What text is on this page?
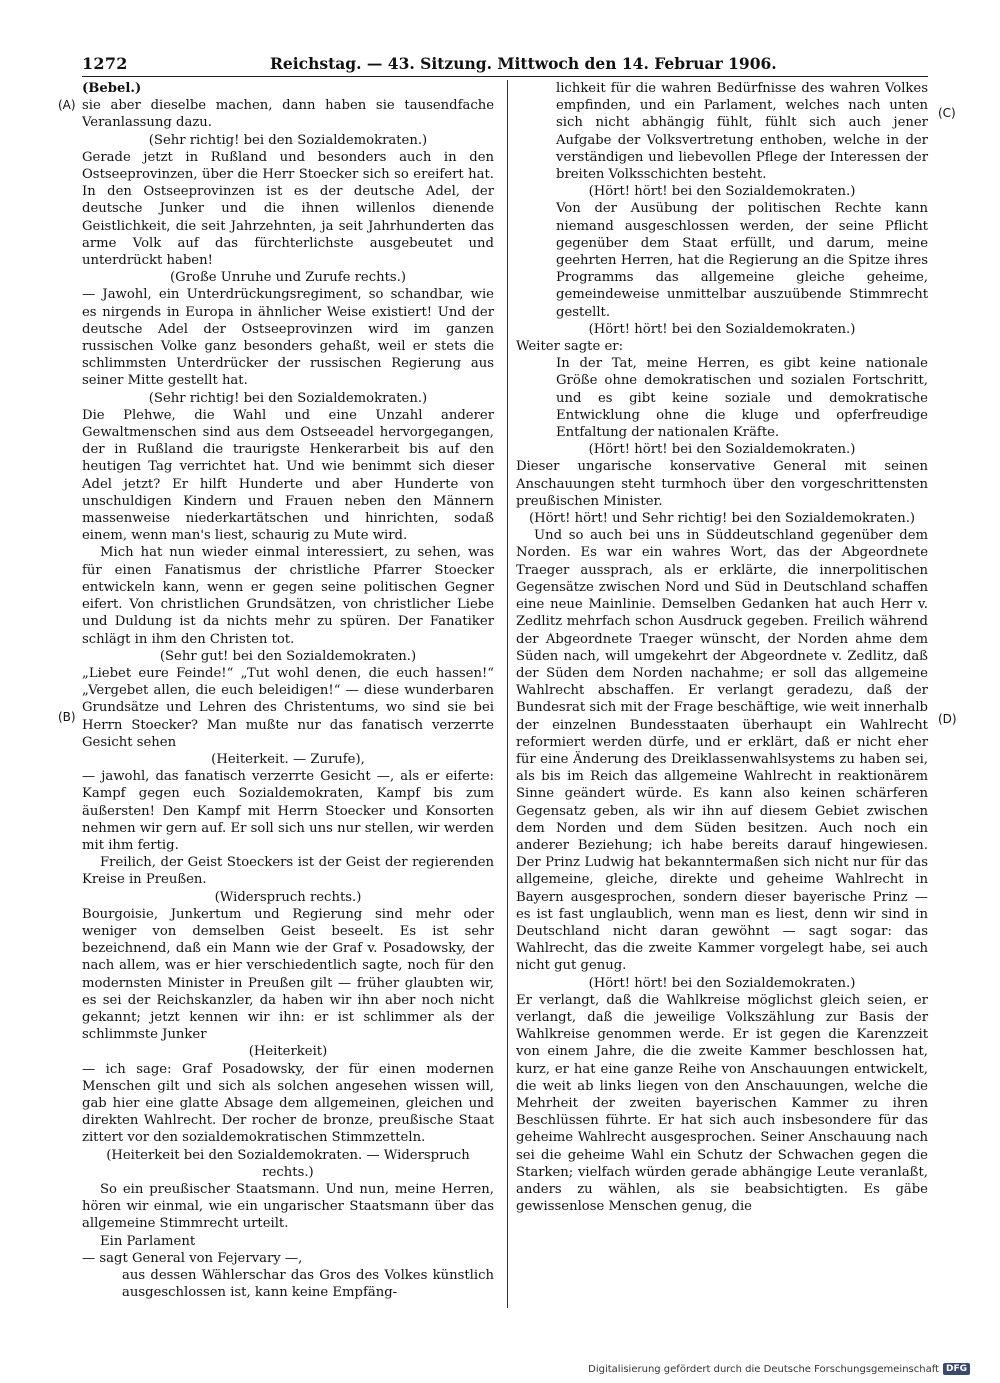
1272	Reichstag. — 43. Sitzung. Mittwoch den 14. Februar 1906.
(A)
(B)
(C)
(D)

(Bebel.)

sie aber dieselbe machen, dann haben sie tausendfache Veranlassung dazu.

(Sehr richtig! bei den Sozialdemokraten.)

Gerade jetzt in Rußland und besonders auch in den Ostseeprovinzen, über die Herr Stoecker sich so ereifert hat. In den Ostseeprovinzen ist es der deutsche Adel, der deutsche Junker und die ihnen willenlos dienende Geistlichkeit, die seit Jahrzehnten, ja seit Jahrhunderten das arme Volk auf das fürchterlichste ausgebeutet und unterdrückt haben!

(Große Unruhe und Zurufe rechts.)

— Jawohl, ein Unterdrückungsregiment, so schandbar, wie es nirgends in Europa in ähnlicher Weise existiert! Und der deutsche Adel der Ostseeprovinzen wird im ganzen russischen Volke ganz besonders gehaßt, weil er stets die schlimmsten Unterdrücker der russischen Regierung aus seiner Mitte gestellt hat.

(Sehr richtig! bei den Sozialdemokraten.)

Die Plehwe, die Wahl und eine Unzahl anderer Gewaltmenschen sind aus dem Ostseeadel hervorgegangen, der in Rußland die traurigste Henkerarbeit bis auf den heutigen Tag verrichtet hat. Und wie benimmt sich dieser Adel jetzt? Er hilft Hunderte und aber Hunderte von unschuldigen Kindern und Frauen neben den Männern massenweise niederkartätschen und hinrichten, sodaß einem, wenn man's liest, schaurig zu Mute wird.

Mich hat nun wieder einmal interessiert, zu sehen, was für einen Fanatismus der christliche Pfarrer Stoecker entwickeln kann, wenn er gegen seine politischen Gegner eifert. Von christlichen Grundsätzen, von christlicher Liebe und Duldung ist da nichts mehr zu spüren. Der Fanatiker schlägt in ihm den Christen tot.

(Sehr gut! bei den Sozialdemokraten.)

„Liebet eure Feinde!“ „Tut wohl denen, die euch hassen!“ „Vergebet allen, die euch beleidigen!“ — diese wunderbaren Grundsätze und Lehren des Christentums, wo sind sie bei Herrn Stoecker? Man mußte nur das fanatisch verzerrte Gesicht sehen

(Heiterkeit. — Zurufe),

— jawohl, das fanatisch verzerrte Gesicht —, als er eiferte: Kampf gegen euch Sozialdemokraten, Kampf bis zum äußersten! Den Kampf mit Herrn Stoecker und Konsorten nehmen wir gern auf. Er soll sich uns nur stellen, wir werden mit ihm fertig.

Freilich, der Geist Stoeckers ist der Geist der regierenden Kreise in Preußen.

(Widerspruch rechts.)

Bourgoisie, Junkertum und Regierung sind mehr oder weniger von demselben Geist beseelt. Es ist sehr bezeichnend, daß ein Mann wie der Graf v. Posadowsky, der nach allem, was er hier verschiedentlich sagte, noch für den modernsten Minister in Preußen gilt — früher glaubten wir, es sei der Reichskanzler, da haben wir ihn aber noch nicht gekannt; jetzt kennen wir ihn: er ist schlimmer als der schlimmste Junker

(Heiterkeit)

— ich sage: Graf Posadowsky, der für einen modernen Menschen gilt und sich als solchen angesehen wissen will, gab hier eine glatte Absage dem allgemeinen, gleichen und direkten Wahlrecht. Der rocher de bronze, preußische Staat zittert vor den sozialdemokratischen Stimmzetteln.

(Heiterkeit bei den Sozialdemokraten. — Widerspruch rechts.)

So ein preußischer Staatsmann. Und nun, meine Herren, hören wir einmal, wie ein ungarischer Staatsmann über das allgemeine Stimmrecht urteilt.

Ein Parlament

— sagt General von Fejervary —,

aus dessen Wählerschar das Gros des Volkes künstlich ausgeschlossen ist, kann keine Empfäng-

lichkeit für die wahren Bedürfnisse des wahren Volkes empfinden, und ein Parlament, welches nach unten sich nicht abhängig fühlt, fühlt sich auch jener Aufgabe der Volksvertretung enthoben, welche in der verständigen und liebevollen Pflege der Interessen der breiten Volksschichten besteht.

(Hört! hört! bei den Sozialdemokraten.)

Von der Ausübung der politischen Rechte kann niemand ausgeschlossen werden, der seine Pflicht gegenüber dem Staat erfüllt, und darum, meine geehrten Herren, hat die Regierung an die Spitze ihres Programms das allgemeine gleiche geheime, gemeindeweise unmittelbar auszuübende Stimmrecht gestellt.

(Hört! hört! bei den Sozialdemokraten.)

Weiter sagte er:

In der Tat, meine Herren, es gibt keine nationale Größe ohne demokratischen und sozialen Fortschritt, und es gibt keine soziale und demokratische Entwicklung ohne die kluge und opferfreudige Entfaltung der nationalen Kräfte.

(Hört! hört! bei den Sozialdemokraten.)

Dieser ungarische konservative General mit seinen Anschauungen steht turmhoch über den vorgeschrittensten preußischen Minister.

(Hört! hört! und Sehr richtig! bei den Sozialdemokraten.)

Und so auch bei uns in Süddeutschland gegenüber dem Norden. Es war ein wahres Wort, das der Abgeordnete Traeger aussprach, als er erklärte, die innerpolitischen Gegensätze zwischen Nord und Süd in Deutschland schaffen eine neue Mainlinie. Demselben Gedanken hat auch Herr v. Zedlitz mehrfach schon Ausdruck gegeben. Freilich während der Abgeordnete Traeger wünscht, der Norden ahme dem Süden nach, will umgekehrt der Abgeordnete v. Zedlitz, daß der Süden dem Norden nachahme; er soll das allgemeine Wahlrecht abschaffen. Er verlangt geradezu, daß der Bundesrat sich mit der Frage beschäftige, wie weit innerhalb der einzelnen Bundesstaaten überhaupt ein Wahlrecht reformiert werden dürfe, und er erklärt, daß er nicht eher für eine Änderung des Dreiklassenwahlsystems zu haben sei, als bis im Reich das allgemeine Wahlrecht in reaktionärem Sinne geändert würde. Es kann also keinen schärferen Gegensatz geben, als wir ihn auf diesem Gebiet zwischen dem Norden und dem Süden besitzen. Auch noch ein anderer Beziehung; ich habe bereits darauf hingewiesen. Der Prinz Ludwig hat bekanntermaßen sich nicht nur für das allgemeine, gleiche, direkte und geheime Wahlrecht in Bayern ausgesprochen, sondern dieser bayerische Prinz — es ist fast unglaublich, wenn man es liest, denn wir sind in Deutschland nicht daran gewöhnt — sagt sogar: das Wahlrecht, das die zweite Kammer vorgelegt habe, sei auch nicht gut genug.

(Hört! hört! bei den Sozialdemokraten.)

Er verlangt, daß die Wahlkreise möglichst gleich seien, er verlangt, daß die jeweilige Volkszählung zur Basis der Wahlkreise genommen werde. Er ist gegen die Karenzzeit von einem Jahre, die die zweite Kammer beschlossen hat, kurz, er hat eine ganze Reihe von Anschauungen entwickelt, die weit ab links liegen von den Anschauungen, welche die Mehrheit der zweiten bayerischen Kammer zu ihren Beschlüssen führte. Er hat sich auch insbesondere für das geheime Wahlrecht ausgesprochen. Seiner Anschauung nach sei die geheime Wahl ein Schutz der Schwachen gegen die Starken; vielfach würden gerade abhängige Leute veranlaßt, anders zu wählen, als sie beabsichtigten. Es gäbe gewissenlose Menschen genug, die

Digitalisierung gefördert durch die Deutsche Forschungsgemeinschaft DFG
